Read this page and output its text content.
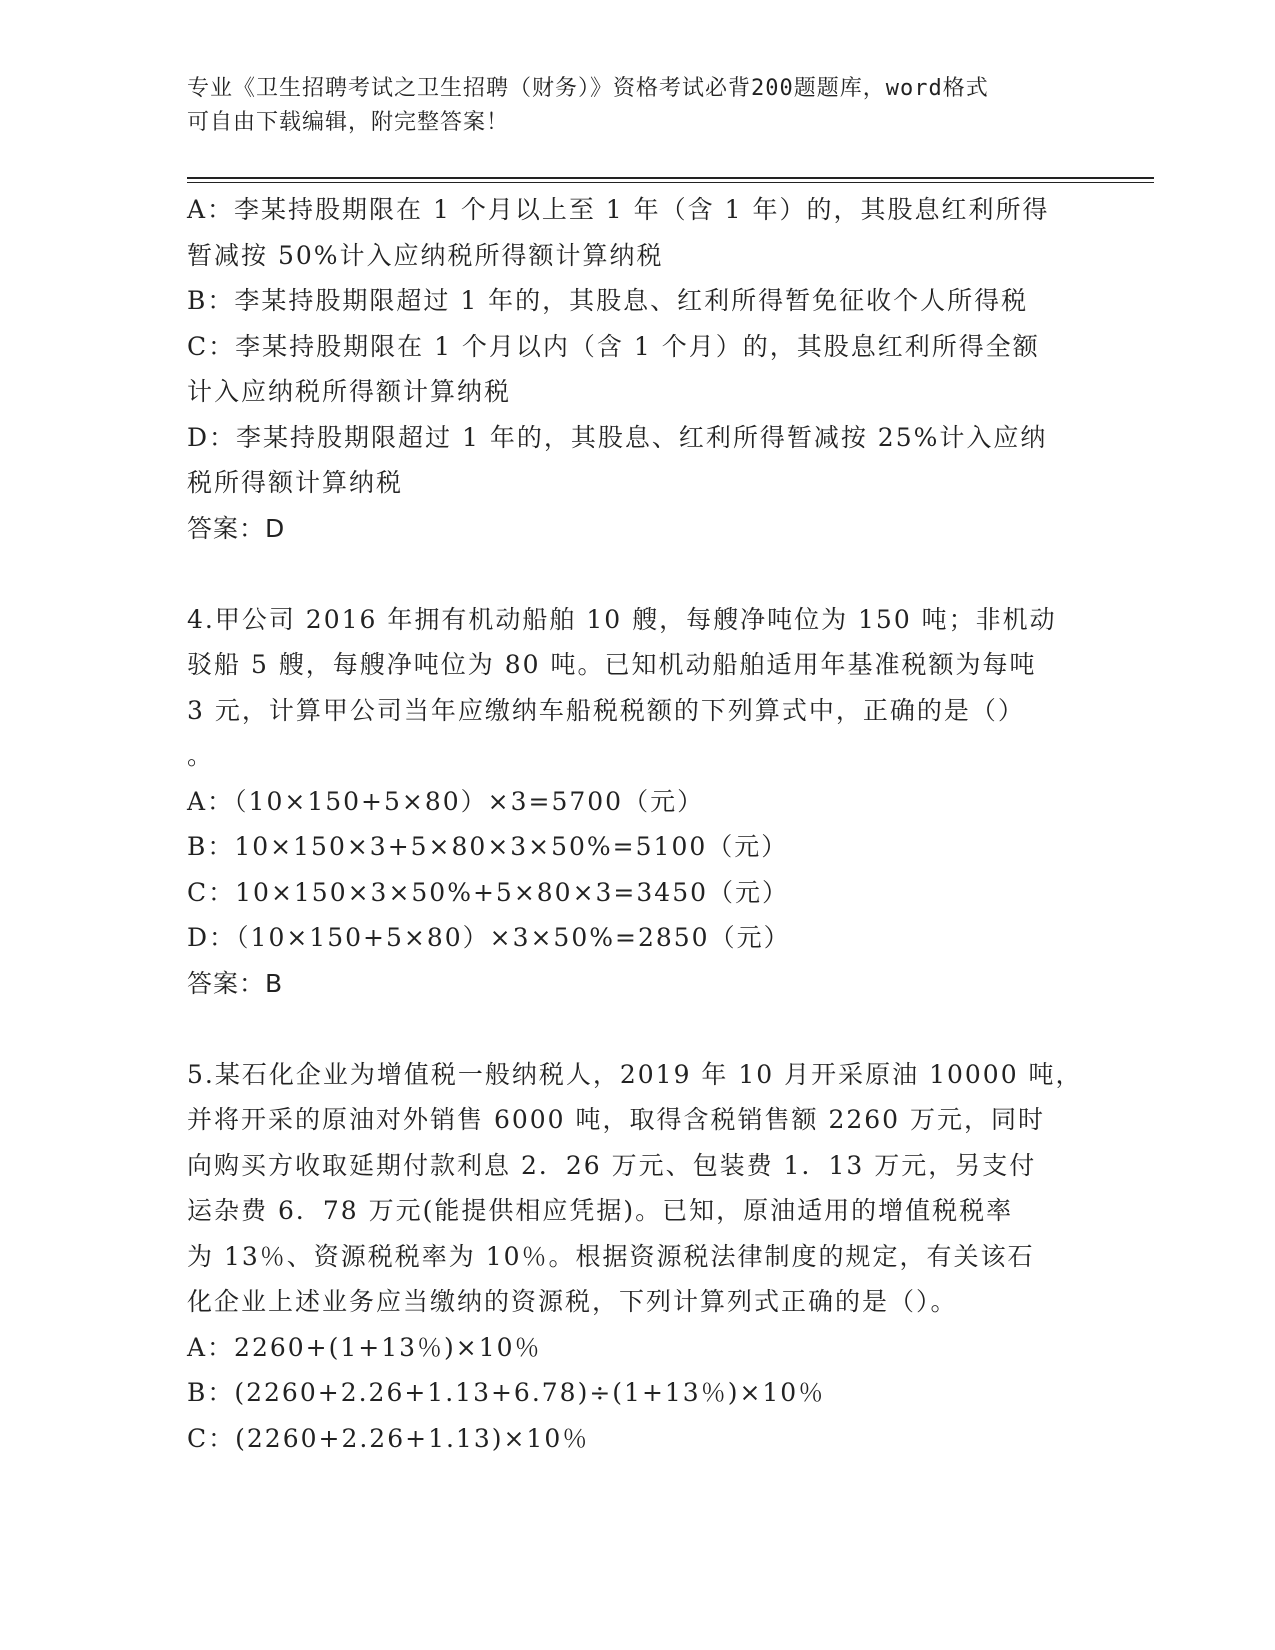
专业《卫生招聘考试之卫生招聘（财务）》资格考试必背200题题库，word格式
可自由下载编辑，附完整答案！
A：李某持股期限在 1 个月以上至 1 年（含 1 年）的，其股息红利所得
暂减按 50%计入应纳税所得额计算纳税
B：李某持股期限超过 1 年的，其股息、红利所得暂免征收个人所得税
C：李某持股期限在 1 个月以内（含 1 个月）的，其股息红利所得全额
计入应纳税所得额计算纳税
D：李某持股期限超过 1 年的，其股息、红利所得暂减按 25%计入应纳
税所得额计算纳税
答案：D
4.甲公司 2016 年拥有机动船舶 10 艘，每艘净吨位为 150 吨；非机动
驳船 5 艘，每艘净吨位为 80 吨。已知机动船舶适用年基准税额为每吨
3 元，计算甲公司当年应缴纳车船税税额的下列算式中，正确的是（）
。
A：（10×150+5×80）×3=5700（元）
B：10×150×3+5×80×3×50%=5100（元）
C：10×150×3×50%+5×80×3=3450（元）
D：（10×150+5×80）×3×50%=2850（元）
答案：B
5.某石化企业为增值税一般纳税人，2019 年 10 月开采原油 10000 吨，
并将开采的原油对外销售 6000 吨，取得含税销售额 2260 万元，同时
向购买方收取延期付款利息 2．26 万元、包装费 1．13 万元，另支付
运杂费 6．78 万元(能提供相应凭据)。已知，原油适用的增值税税率
为 13％、资源税税率为 10％。根据资源税法律制度的规定，有关该石
化企业上述业务应当缴纳的资源税，下列计算列式正确的是（）。
A：2260+(1+13％)×10％
B：(2260+2.26+1.13+6.78)÷(1+13％)×10％
C：(2260+2.26+1.13)×10％
